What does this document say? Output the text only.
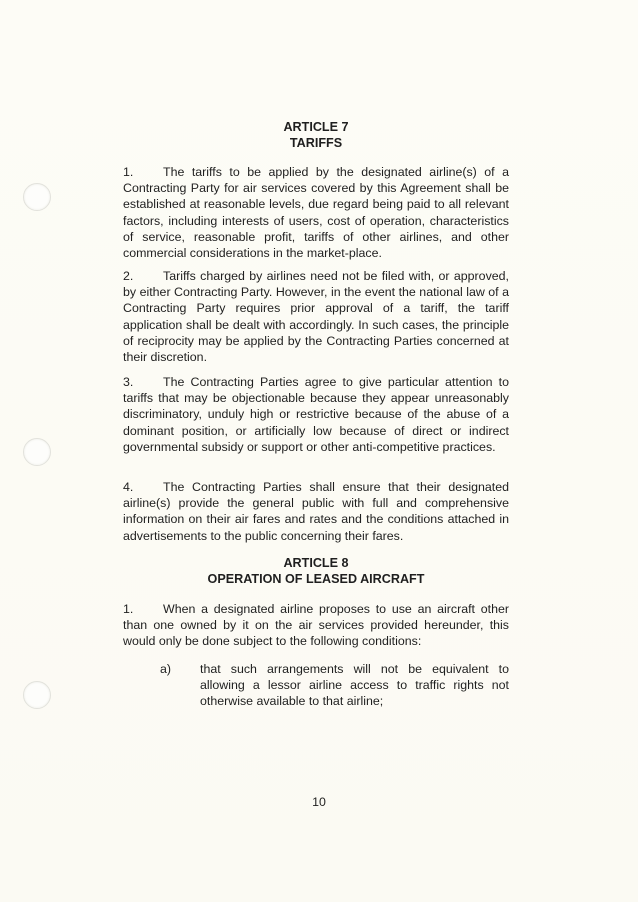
ARTICLE 7
TARIFFS
1. The tariffs to be applied by the designated airline(s) of a Contracting Party for air services covered by this Agreement shall be established at reasonable levels, due regard being paid to all relevant factors, including interests of users, cost of operation, characteristics of service, reasonable profit, tariffs of other airlines, and other commercial considerations in the market-place.
2. Tariffs charged by airlines need not be filed with, or approved, by either Contracting Party. However, in the event the national law of a Contracting Party requires prior approval of a tariff, the tariff application shall be dealt with accordingly. In such cases, the principle of reciprocity may be applied by the Contracting Parties concerned at their discretion.
3. The Contracting Parties agree to give particular attention to tariffs that may be objectionable because they appear unreasonably discriminatory, unduly high or restrictive because of the abuse of a dominant position, or artificially low because of direct or indirect governmental subsidy or support or other anti-competitive practices.
4. The Contracting Parties shall ensure that their designated airline(s) provide the general public with full and comprehensive information on their air fares and rates and the conditions attached in advertisements to the public concerning their fares.
ARTICLE 8
OPERATION OF LEASED AIRCRAFT
1. When a designated airline proposes to use an aircraft other than one owned by it on the air services provided hereunder, this would only be done subject to the following conditions:
a) that such arrangements will not be equivalent to allowing a lessor airline access to traffic rights not otherwise available to that airline;
10
